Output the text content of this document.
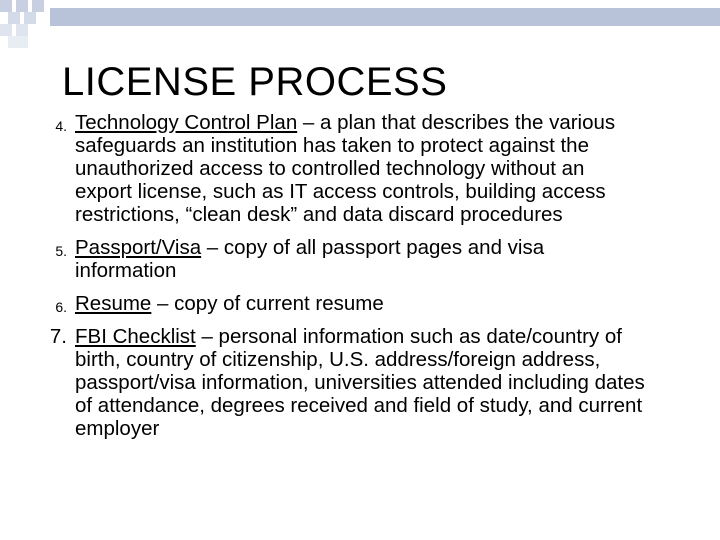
LICENSE PROCESS
4. Technology Control Plan – a plan that describes the various safeguards an institution has taken to protect against the unauthorized access to controlled technology without an export license, such as IT access controls, building access restrictions, “clean desk” and data discard procedures
5. Passport/Visa – copy of all passport pages and visa information
6. Resume – copy of current resume
7. FBI Checklist – personal information such as date/country of birth, country of citizenship, U.S. address/foreign address, passport/visa information, universities attended including dates of attendance, degrees received and field of study, and current employer
